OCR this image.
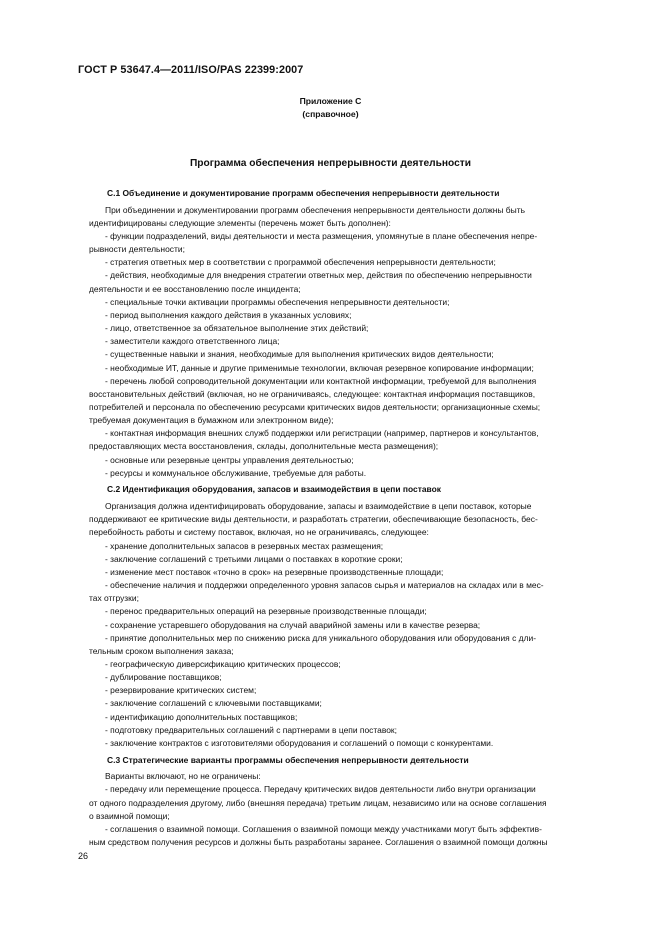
ГОСТ Р 53647.4—2011/ISO/PAS 22399:2007
Приложение С
(справочное)
Программа обеспечения непрерывности деятельности
С.1 Объединение и документирование программ обеспечения непрерывности деятельности

При объединении и документировании программ обеспечения непрерывности деятельности должны быть
идентифицированы следующие элементы (перечень может быть дополнен):

- функции подразделений, виды деятельности и места размещения, упомянутые в плане обеспечения непре-
рывности деятельности;

- стратегия ответных мер в соответствии с программой обеспечения непрерывности деятельности;

- действия, необходимые для внедрения стратегии ответных мер, действия по обеспечению непрерывности
деятельности и ее восстановлению после инцидента;

- специальные точки активации программы обеспечения непрерывности деятельности;

- период выполнения каждого действия в указанных условиях;

- лицо, ответственное за обязательное выполнение этих действий;

- заместители каждого ответственного лица;

- существенные навыки и знания, необходимые для выполнения критических видов деятельности;

- необходимые ИТ, данные и другие применимые технологии, включая резервное копирование информации;

- перечень любой сопроводительной документации или контактной информации, требуемой для выполнения
восстановительных действий (включая, но не ограничиваясь, следующее: контактная информация поставщиков,
потребителей и персонала по обеспечению ресурсами критических видов деятельности; организационные схемы;
требуемая документация в бумажном или электронном виде);

- контактная информация внешних служб поддержки или регистрации (например, партнеров и консультантов,
предоставляющих места восстановления, склады, дополнительные места размещения);

- основные или резервные центры управления деятельностью;

- ресурсы и коммунальное обслуживание, требуемые для работы.

С.2 Идентификация оборудования, запасов и взаимодействия в цепи поставок

Организация должна идентифицировать оборудование, запасы и взаимодействие в цепи поставок, которые
поддерживают ее критические виды деятельности, и разработать стратегии, обеспечивающие безопасность, бес-
перебойность работы и систему поставок, включая, но не ограничиваясь, следующее:

- хранение дополнительных запасов в резервных местах размещения;

- заключение соглашений с третьими лицами о поставках в короткие сроки;

- изменение мест поставок «точно в срок» на резервные производственные площади;

- обеспечение наличия и поддержки определенного уровня запасов сырья и материалов на складах или в мес-
тах отгрузки;

- перенос предварительных операций на резервные производственные площади;

- сохранение устаревшего оборудования на случай аварийной замены или в качестве резерва;

- принятие дополнительных мер по снижению риска для уникального оборудования или оборудования с дли-
тельным сроком выполнения заказа;

- географическую диверсификацию критических процессов;

- дублирование поставщиков;

- резервирование критических систем;

- заключение соглашений с ключевыми поставщиками;

- идентификацию дополнительных поставщиков;

- подготовку предварительных соглашений с партнерами в цепи поставок;

- заключение контрактов с изготовителями оборудования и соглашений о помощи с конкурентами.

С.3 Стратегические варианты программы обеспечения непрерывности деятельности

Варианты включают, но не ограничены:

- передачу или перемещение процесса. Передачу критических видов деятельности либо внутри организации
от одного подразделения другому, либо (внешняя передача) третьим лицам, независимо или на основе соглашения
о взаимной помощи;

- соглашения о взаимной помощи. Соглашения о взаимной помощи между участниками могут быть эффектив-
ным средством получения ресурсов и должны быть разработаны заранее. Соглашения о взаимной помощи должны

26
